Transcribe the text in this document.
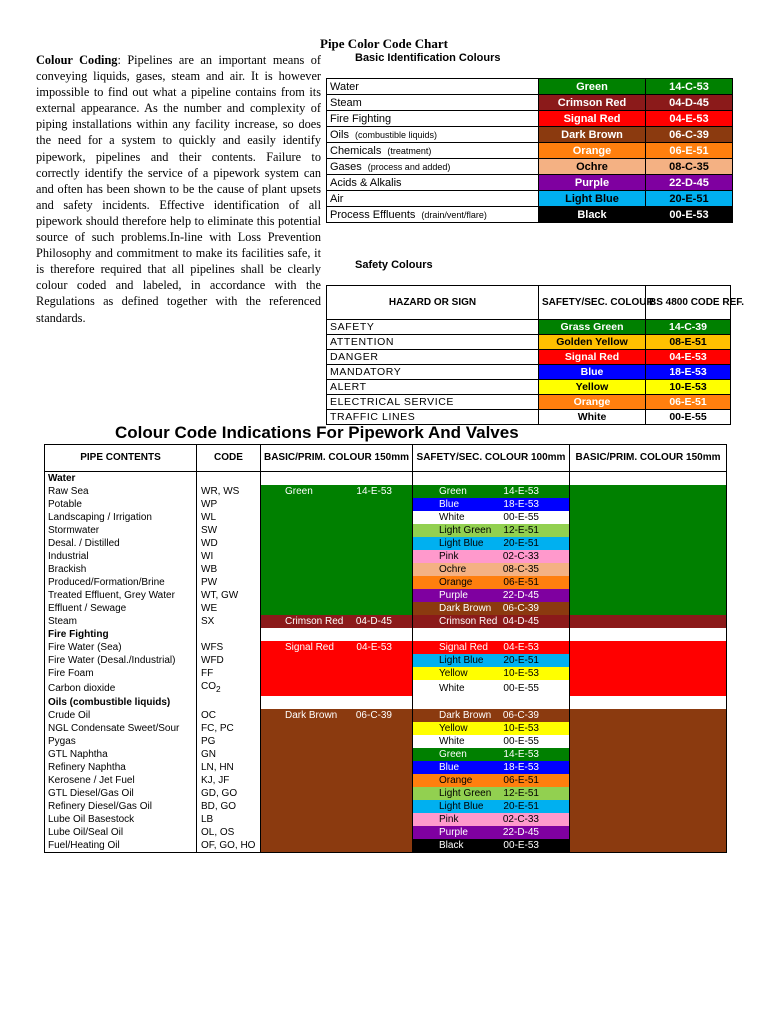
Pipe Color Code Chart

Colour Coding: Pipelines are an important means of conveying liquids, gases, steam and air. It is however impossible to find out what a pipeline contains from its external appearance. As the number and complexity of piping installations within any facility increase, so does the need for a system to quickly and easily identify pipework, pipelines and their contents. Failure to correctly identify the service of a pipework system can and often has been shown to be the cause of plant upsets and safety incidents. Effective identification of all pipework should therefore help to eliminate this potential source of such problems.In-line with Loss Prevention Philosophy and commitment to make its facilities safe, it is therefore required that all pipelines shall be clearly colour coded and labeled, in accordance with the Regulations as defined together with the referenced standards.

Basic Identification Colours
Water	Green	14-C-53
Steam	Crimson Red	04-D-45
Fire Fighting	Signal Red	04-E-53
Oils (combustible liquids)	Dark Brown	06-C-39
Chemicals (treatment)	Orange	06-E-51
Gases (process and added)	Ochre	08-C-35
Acids & Alkalis	Purple	22-D-45
Air	Light Blue	20-E-51
Process Effluents (drain/vent/flare)	Black	00-E-53
Safety Colours
HAZARD OR SIGN	SAFETY/SEC. COLOUR	BS 4800 CODE REF.
SAFETY	Grass Green	14-C-39
ATTENTION	Golden Yellow	08-E-51
DANGER	Signal Red	04-E-53
MANDATORY	Blue	18-E-53
ALERT	Yellow	10-E-53
ELECTRICAL SERVICE	Orange	06-E-51
TRAFFIC LINES	White	00-E-55
Colour Code Indications For Pipework And Valves
PIPE CONTENTS	CODE	BASIC/PRIM. COLOUR 150mm	SAFETY/SEC. COLOUR 100mm	BASIC/PRIM. COLOUR 150mm
Water				
Raw Sea	WR, WS	Green 14-E-53	Green 14-E-53	

Potable	WP		Blue 18-E-53	

Landscaping / Irrigation	WL		White 00-E-55	

Stormwater	SW		Light Green 12-E-51	

Desal. / Distilled	WD		Light Blue 20-E-51	

Industrial	WI		Pink 02-C-33	

Brackish	WB		Ochre 08-C-35	

Produced/Formation/Brine	PW		Orange 06-E-51	

Treated Effluent, Grey Water	WT, GW		Purple 22-D-45	

Effluent / Sewage	WE		Dark Brown 06-C-39	

Steam	SX	Crimson Red 04-D-45	Crimson Red 04-D-45	

Fire Fighting				
Fire Water (Sea)	WFS	Signal Red 04-E-53	Signal Red 04-E-53	

Fire Water (Desal./Industrial)	WFD		Light Blue 20-E-51	

Fire Foam	FF		Yellow 10-E-53	

Carbon dioxide	$CO_2$		White 00-E-55	

Oils (combustible liquids)				
Crude Oil	OC	Dark Brown 06-C-39	Dark Brown 06-C-39	

NGL Condensate Sweet/Sour	FC, PC		Yellow 10-E-53	

Pygas	PG		White 00-E-55	

GTL Naphtha	GN		Green 14-E-53	

Refinery Naphtha	LN, HN		Blue 18-E-53	

Kerosene / Jet Fuel	KJ, JF		Orange 06-E-51	

GTL Diesel/Gas Oil	GD, GO		Light Green 12-E-51	

Refinery Diesel/Gas Oil	BD, GO		Light Blue 20-E-51	

Lube Oil Basestock	LB		Pink 02-C-33	

Lube Oil/Seal Oil	OL, OS		Purple 22-D-45	

Fuel/Heating Oil	OF, GO, HO		Black 00-E-53	
